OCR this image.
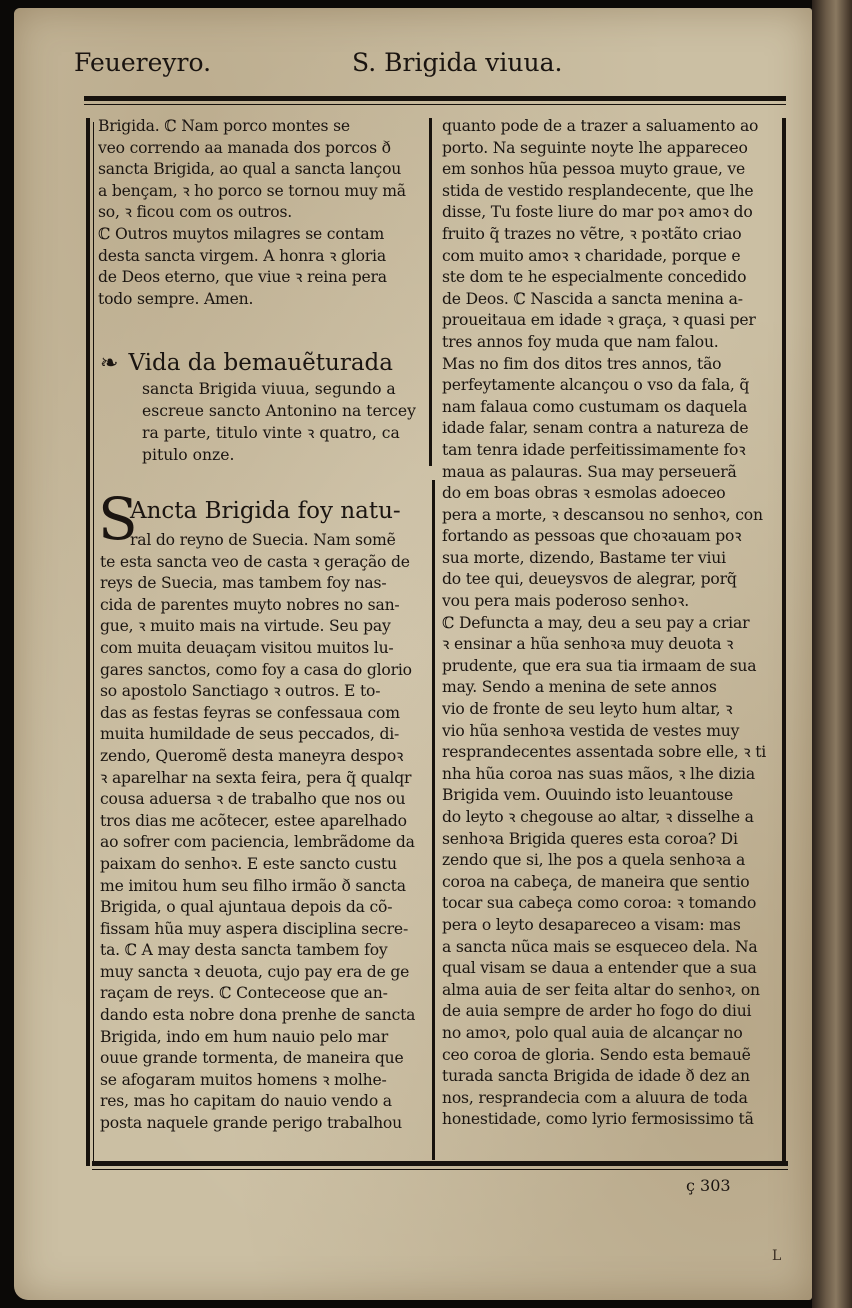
Feuereyro.	S. Brigida viuua.
Brigida. ℂ Nam porco montes se
veo correndo aa manada dos porcos ð
sancta Brigida, ao qual a sancta lançou
a bençam, ꝛ ho porco se tornou muy mã
so, ꝛ ficou com os outros.
ℂ Outros muytos milagres se contam
desta sancta virgem. A honra ꝛ gloria
de Deos eterno, que viue ꝛ reina pera
todo sempre. Amen.
❧ Vida da bemauẽturada
sancta Brigida viuua, segundo a
escreue sancto Antonino na tercey
ra parte, titulo vinte ꝛ quatro, ca
pitulo onze.
S
Ancta Brigida foy natu-
ral do reyno de Suecia. Nam somẽ
te esta sancta veo de casta ꝛ geração de
reys de Suecia, mas tambem foy nas-
cida de parentes muyto nobres no san-
gue, ꝛ muito mais na virtude. Seu pay
com muita deuaçam visitou muitos lu-
gares sanctos, como foy a casa do glorio
so apostolo Sanctiago ꝛ outros. E to-
das as festas feyras se confessaua com
muita humildade de seus peccados, di-
zendo, Queromẽ desta maneyra despoꝛ
ꝛ aparelhar na sexta feira, pera q̃ qualqr
cousa aduersa ꝛ de trabalho que nos ou
tros dias me acõtecer, estee aparelhado
ao sofrer com paciencia, lembrãdome da
paixam do senhoꝛ. E este sancto custu
me imitou hum seu filho irmão ð sancta
Brigida, o qual ajuntaua depois da cõ-
fissam hũa muy aspera disciplina secre-
ta. ℂ A may desta sancta tambem foy
muy sancta ꝛ deuota, cujo pay era de ge
raçam de reys. ℂ Conteceose que an-
dando esta nobre dona prenhe de sancta
Brigida, indo em hum nauio pelo mar
ouue grande tormenta, de maneira que
se afogaram muitos homens ꝛ molhe-
res, mas ho capitam do nauio vendo a
posta naquele grande perigo trabalhou
quanto pode de a trazer a saluamento ao
porto. Na seguinte noyte lhe appareceo
em sonhos hũa pessoa muyto graue, ve
stida de vestido resplandecente, que lhe
disse, Tu foste liure do mar poꝛ amoꝛ do
fruito q̃ trazes no vẽtre, ꝛ poꝛtãto criao
com muito amoꝛ ꝛ charidade, porque e
ste dom te he especialmente concedido
de Deos. ℂ Nascida a sancta menina a-
proueitaua em idade ꝛ graça, ꝛ quasi per
tres annos foy muda que nam falou.
Mas no fim dos ditos tres annos, tão
perfeytamente alcançou o vso da fala, q̃
nam falaua como custumam os daquela
idade falar, senam contra a natureza de
tam tenra idade perfeitissimamente foꝛ
maua as palauras. Sua may perseuerã
do em boas obras ꝛ esmolas adoeceo
pera a morte, ꝛ descansou no senhoꝛ, con
fortando as pessoas que choꝛauam poꝛ
sua morte, dizendo, Bastame ter viui
do tee qui, deueysvos de alegrar, porq̃
vou pera mais poderoso senhoꝛ.
ℂ Defuncta a may, deu a seu pay a criar
ꝛ ensinar a hũa senhoꝛa muy deuota ꝛ
prudente, que era sua tia irmaam de sua
may. Sendo a menina de sete annos
vio de fronte de seu leyto hum altar, ꝛ
vio hũa senhoꝛa vestida de vestes muy
resprandecentes assentada sobre elle, ꝛ ti
nha hũa coroa nas suas mãos, ꝛ lhe dizia
Brigida vem. Ouuindo isto leuantouse
do leyto ꝛ chegouse ao altar, ꝛ disselhe a
senhoꝛa Brigida queres esta coroa? Di
zendo que si, lhe pos a quela senhoꝛa a
coroa na cabeça, de maneira que sentio
tocar sua cabeça como coroa: ꝛ tomando
pera o leyto desapareceo a visam: mas
a sancta nũca mais se esqueceo dela. Na
qual visam se daua a entender que a sua
alma auia de ser feita altar do senhoꝛ, on
de auia sempre de arder ho fogo do diui
no amoꝛ, polo qual auia de alcançar no
ceo coroa de gloria. Sendo esta bemauẽ
turada sancta Brigida de idade ð dez an
nos, resprandecia com a aluura de toda
honestidade, como lyrio fermosissimo tã
ç 303
L
